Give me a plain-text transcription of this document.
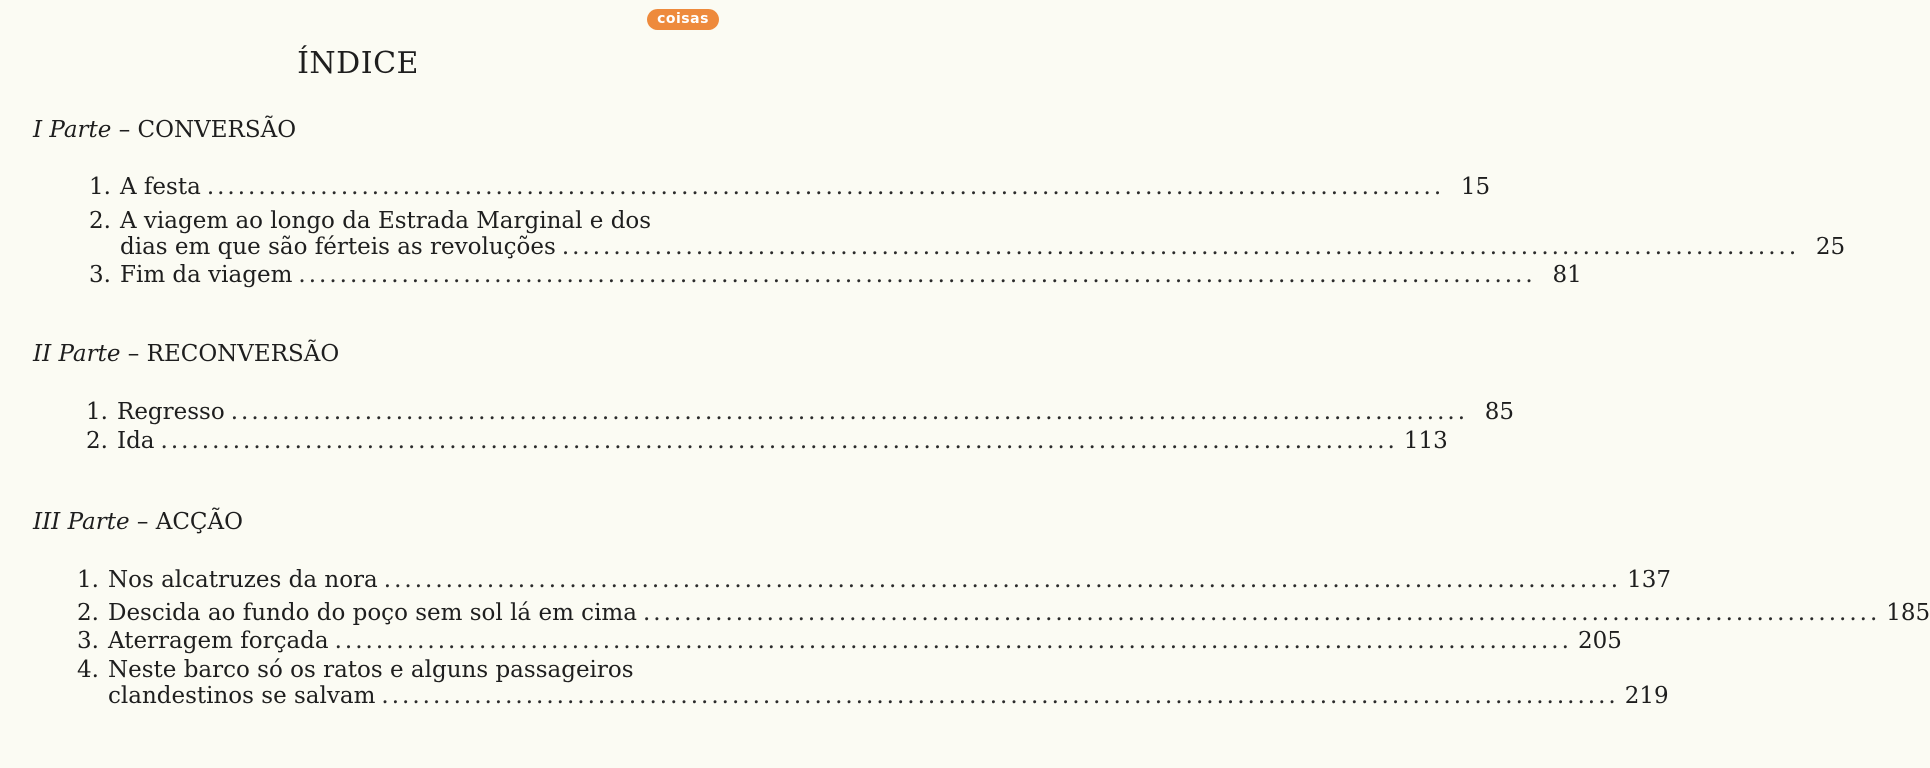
coisas
ÍNDICE
I Parte – CONVERSÃO
1. A festa ........................................................................................................................ 15
2. A viagem ao longo da Estrada Marginal e dos
dias em que são férteis as revoluções ........................................................................................................................ 25
3. Fim da viagem ........................................................................................................................ 81
II Parte – RECONVERSÃO
1. Regresso ........................................................................................................................ 85
2. Ida ........................................................................................................................ 113
III Parte – ACÇÃO
1. Nos alcatruzes da nora ........................................................................................................................ 137
2. Descida ao fundo do poço sem sol lá em cima ........................................................................................................................ 185
3. Aterragem forçada ........................................................................................................................ 205
4. Neste barco só os ratos e alguns passageiros
clandestinos se salvam ........................................................................................................................ 219
